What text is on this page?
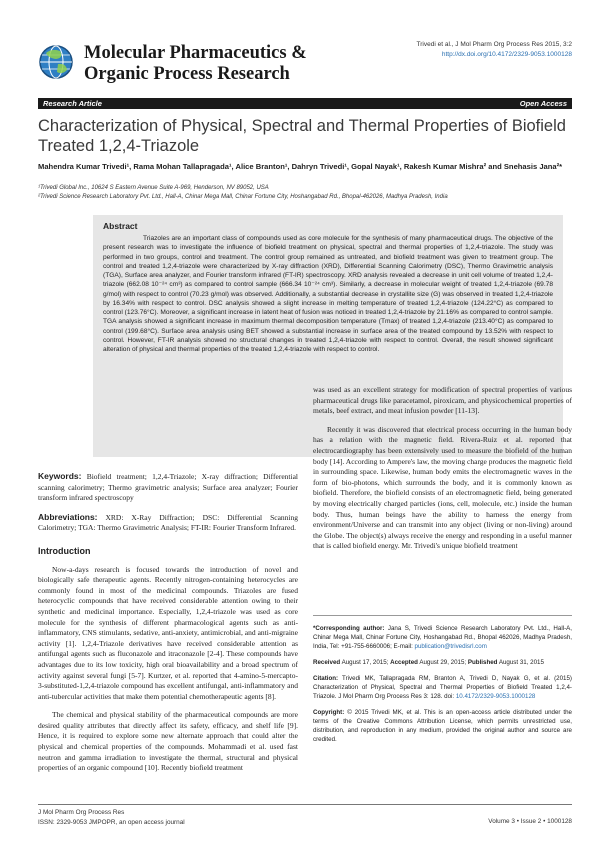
Molecular Pharmaceutics &
Organic Process Research
Trivedi et al., J Mol Pharm Org Process Res 2015, 3:2
http://dx.doi.org/10.4172/2329-9053.1000128
Research Article	Open Access
Characterization of Physical, Spectral and Thermal Properties of Biofield Treated 1,2,4-Triazole
Mahendra Kumar Trivedi¹, Rama Mohan Tallapragada¹, Alice Branton¹, Dahryn Trivedi¹, Gopal Nayak¹, Rakesh Kumar Mishra² and Snehasis Jana²*
¹Trivedi Global Inc., 10624 S Eastern Avenue Suite A-969, Henderson, NV 89052, USA
²Trivedi Science Research Laboratory Pvt. Ltd., Hall-A, Chinar Mega Mall, Chinar Fortune City, Hoshangabad Rd., Bhopal-462026, Madhya Pradesh, India
Abstract
Triazoles are an important class of compounds used as core molecule for the synthesis of many pharmaceutical drugs. The objective of the present research was to investigate the influence of biofield treatment on physical, spectral and thermal properties of 1,2,4-triazole. The study was performed in two groups, control and treatment. The control group remained as untreated, and biofield treatment was given to treatment group. The control and treated 1,2,4-triazole were characterized by X-ray diffraction (XRD), Differential Scanning Calorimetry (DSC), Thermo Gravimetric analysis (TGA), Surface area analyzer, and Fourier transform infrared (FT-IR) spectroscopy. XRD analysis revealed a decrease in unit cell volume of treated 1,2,4-triazole (662.08 10⁻²⁴ cm³) as compared to control sample (666.34 10⁻²⁴ cm³). Similarly, a decrease in molecular weight of treated 1,2,4-triazole (69.78 g/mol) with respect to control (70.23 g/mol) was observed. Additionally, a substantial decrease in crystallite size (G) was observed in treated 1,2,4-triazole by 16.34% with respect to control. DSC analysis showed a slight increase in melting temperature of treated 1,2,4-triazole (124.22°C) as compared to control (123.76°C). Moreover, a significant increase in latent heat of fusion was noticed in treated 1,2,4-triazole by 21.16% as compared to control sample. TGA analysis showed a significant increase in maximum thermal decomposition temperature (Tmax) of treated 1,2,4-triazole (213.40°C) as compared to control (199.68°C). Surface area analysis using BET showed a substantial increase in surface area of the treated compound by 13.52% with respect to control. However, FT-IR analysis showed no structural changes in treated 1,2,4-triazole with respect to control. Overall, the result showed significant alteration of physical and thermal properties of the treated 1,2,4-triazole with respect to control.
Keywords: Biofield treatment; 1,2,4-Triazole; X-ray diffraction; Differential scanning calorimetry; Thermo gravimetric analysis; Surface area analyzer; Fourier transform infrared spectroscopy
Abbreviations: XRD: X-Ray Diffraction; DSC: Differential Scanning Calorimetry; TGA: Thermo Gravimetric Analysis; FT-IR: Fourier Transform Infrared.
Introduction

Now-a-days research is focused towards the introduction of novel and biologically safe therapeutic agents. Recently nitrogen-containing heterocycles are commonly found in most of the medicinal compounds. Triazoles are fused heterocyclic compounds that have received considerable attention owing to their synthetic and medicinal importance. Especially, 1,2,4-triazole was used as core molecule for the synthesis of different pharmacological agents such as anti-inflammatory, CNS stimulants, sedative, anti-anxiety, antimicrobial, and anti-migraine activity [1]. 1,2,4-Triazole derivatives have received considerable attention as antifungal agents such as fluconazole and itraconazole [2-4]. These compounds have advantages due to its low toxicity, high oral bioavailability and a broad spectrum of activity against several fungi [5-7]. Kurtzer, et al. reported that 4-amino-5-mercapto-3-substituted-1,2,4-triazole compound has excellent antifungal, anti-inflammatory and anti-tubercular activities that make them potential chemotherapeutic agents [8].

The chemical and physical stability of the pharmaceutical compounds are more desired quality attributes that directly affect its safety, efficacy, and shelf life [9]. Hence, it is required to explore some new alternate approach that could alter the physical and chemical properties of the compounds. Mohammadi et al. used fast neutron and gamma irradiation to investigate the thermal, structural and physical properties of an organic compound [10]. Recently biofield treatment

was used as an excellent strategy for modification of spectral properties of various pharmaceutical drugs like paracetamol, piroxicam, and physicochemical properties of metals, beef extract, and meat infusion powder [11-13].

Recently it was discovered that electrical process occurring in the human body has a relation with the magnetic field. Rivera-Ruiz et al. reported that electrocardiography has been extensively used to measure the biofield of the human body [14]. According to Ampere's law, the moving charge produces the magnetic field in surrounding space. Likewise, human body emits the electromagnetic waves in the form of bio-photons, which surrounds the body, and it is commonly known as biofield. Therefore, the biofield consists of an electromagnetic field, being generated by moving electrically charged particles (ions, cell, molecule, etc.) inside the human body. Thus, human beings have the ability to harness the energy from environment/Universe and can transmit into any object (living or non-living) around the Globe. The object(s) always receive the energy and responding in a useful manner that is called biofield energy. Mr. Trivedi's unique biofield treatment

*Corresponding author: Jana S, Trivedi Science Research Laboratory Pvt. Ltd., Hall-A, Chinar Mega Mall, Chinar Fortune City, Hoshangabad Rd., Bhopal 462026, Madhya Pradesh, India, Tel: +91-755-6660006; E-mail: publication@trivedisrl.com

Received August 17, 2015; Accepted August 29, 2015; Published August 31, 2015

Citation: Trivedi MK, Tallapragada RM, Branton A, Trivedi D, Nayak G, et al. (2015) Characterization of Physical, Spectral and Thermal Properties of Biofield Treated 1,2,4-Triazole. J Mol Pharm Org Process Res 3: 128. doi: 10.4172/2329-9053.1000128

Copyright: © 2015 Trivedi MK, et al. This is an open-access article distributed under the terms of the Creative Commons Attribution License, which permits unrestricted use, distribution, and reproduction in any medium, provided the original author and source are credited.

J Mol Pharm Org Process Res
ISSN: 2329-9053 JMPOPR, an open access journal	Volume 3 • Issue 2 • 1000128
